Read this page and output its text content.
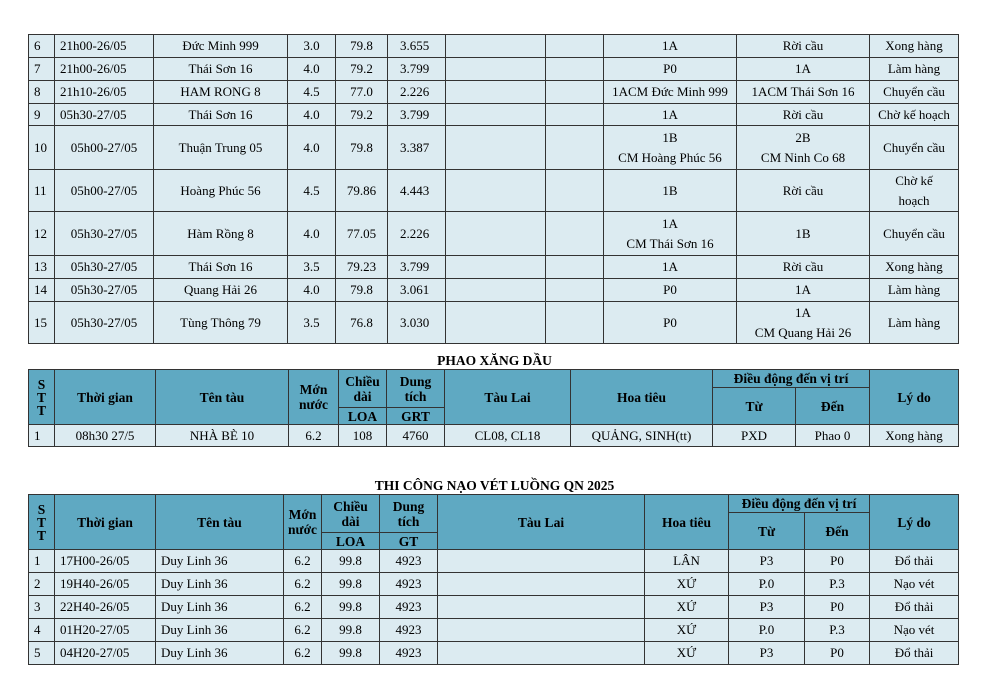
6	21h00-26/05	Đức Minh 999	3.0	79.8	3.655			1A	Rời cầu	Xong hàng

7	21h00-26/05	Thái Sơn 16	4.0	79.2	3.799			P0	1A	Làm hàng

8	21h10-26/05	HAM RONG 8	4.5	77.0	2.226			1ACM Đức Minh 999	1ACM Thái Sơn 16	Chuyển cầu

9	05h30-27/05	Thái Sơn 16	4.0	79.2	3.799			1A	Rời cầu	Chờ kế hoạch

10	05h00-27/05	Thuận Trung 05	4.0	79.8	3.387			1B
CM Hoàng Phúc 56	2B
CM Ninh Co 68	Chuyển cầu

11	05h00-27/05	Hoàng Phúc 56	4.5	79.86	4.443			1B	Rời cầu	Chờ kế
hoạch

12	05h30-27/05	Hàm Rồng 8	4.0	77.05	2.226			1A
CM Thái Sơn 16	1B	Chuyển cầu

13	05h30-27/05	Thái Sơn 16	3.5	79.23	3.799			1A	Rời cầu	Xong hàng

14	05h30-27/05	Quang Hải 26	4.0	79.8	3.061			P0	1A	Làm hàng

15	05h30-27/05	Tùng Thông 79	3.5	76.8	3.030			P0	1A
CM Quang Hải 26	Làm hàng
PHAO XĂNG DẦU
S
T
T	Thời gian	Tên tàu	Mớn nước	Chiều dài	Dung tích	Tàu Lai	Hoa tiêu	Điều động đến vị trí		Lý do
								Từ	Đến	
				LOA	GRT					
1	08h30 27/5	NHÀ BÈ 10	6.2	108	4760	CL08, CL18	QUẢNG, SINH(tt)	PXD	Phao 0	Xong hàng
THI CÔNG NẠO VÉT LUỒNG QN 2025
S
T
T	Thời gian	Tên tàu	Mớn nước	Chiều dài	Dung tích	Tàu Lai	Hoa tiêu	Điều động đến vị trí		Lý do
								Từ	Đến	
				LOA	GT					
1	17H00-26/05	Duy Linh 36	6.2	99.8	4923		LÂN	P3	P0	Đổ thải
2	19H40-26/05	Duy Linh 36	6.2	99.8	4923		XỨ	P.0	P.3	Nạo vét
3	22H40-26/05	Duy Linh 36	6.2	99.8	4923		XỨ	P3	P0	Đổ thải
4	01H20-27/05	Duy Linh 36	6.2	99.8	4923		XỨ	P.0	P.3	Nạo vét
5	04H20-27/05	Duy Linh 36	6.2	99.8	4923		XỨ	P3	P0	Đổ thải
